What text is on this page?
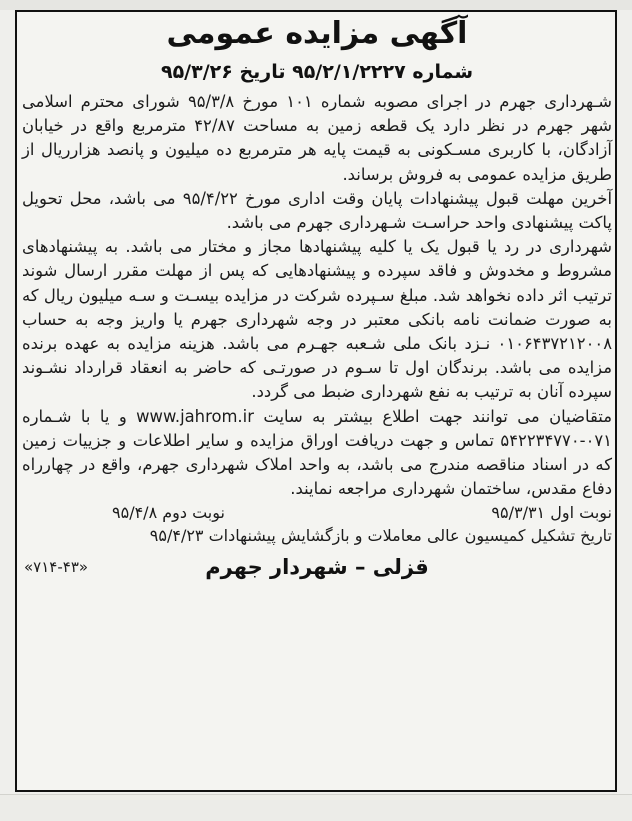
آگهی مزایده عمومی
شماره ۹۵/۲/۱/۲۲۲۷ تاریخ ۹۵/۳/۲۶

شـهرداری جهرم در اجرای مصوبه شماره ۱۰۱ مورخ ۹۵/۳/۸ شورای محترم اسلامی شهر جهرم در نظر دارد یک قطعه زمین به مساحت ۴۲/۸۷ مترمربع واقع در خیابان آزادگان، با کاربری مسـکونی به قیمت پایه هر مترمربع ده میلیون و پانصد هزارریال از طریق مزایده عمومی به فروش برساند.

آخرین مهلت قبول پیشنهادات پایان وقت اداری مورخ ۹۵/۴/۲۲ می باشد، محل تحویل پاکت پیشنهادی واحد حراسـت شـهرداری جهرم می باشد.

شهرداری در رد یا قبول یک یا کلیه پیشنهادها مجاز و مختار می باشد. به پیشنهادهای مشروط و مخدوش و فاقد سپرده و پیشنهادهایی که پس از مهلت مقرر ارسال شوند ترتیب اثر داده نخواهد شد. مبلغ سـپرده شرکت در مزایده بیسـت و سـه میلیون ریال که به صورت ضمانت نامه بانکی معتبر در وجه شهرداری جهرم یا واریز وجه به حساب ۰۱۰۶۴۳۷۲۱۲۰۰۸ نـزد بانک ملی شـعبه جهـرم می باشد. هزینه مزایده به عهده برنده مزایده می باشد. برندگان اول تا سـوم در صورتـی که حاضر به انعقاد قرارداد نشـوند سپرده آنان به ترتیب به نفع شهرداری ضبط می گردد.

متقاضیان می توانند جهت اطلاع بیشتر به سایت www.jahrom.ir و یا با شـماره ۰۷۱-۵۴۲۲۳۴۷۷۰ تماس و جهت دریافت اوراق مزایده و سایر اطلاعات و جزییات زمین که در اسناد مناقصه مندرج می باشد، به واحد املاک شهرداری جهرم، واقع در چهارراه دفاع مقدس، ساختمان شهرداری مراجعه نمایند.

نوبت اول ۹۵/۳/۳۱
نوبت دوم ۹۵/۴/۸
تاریخ تشکیل کمیسیون عالی معاملات و بازگشایش پیشنهادات ۹۵/۴/۲۳
قزلی – شهردار جهرم
«۷۱۴-۴۳»
